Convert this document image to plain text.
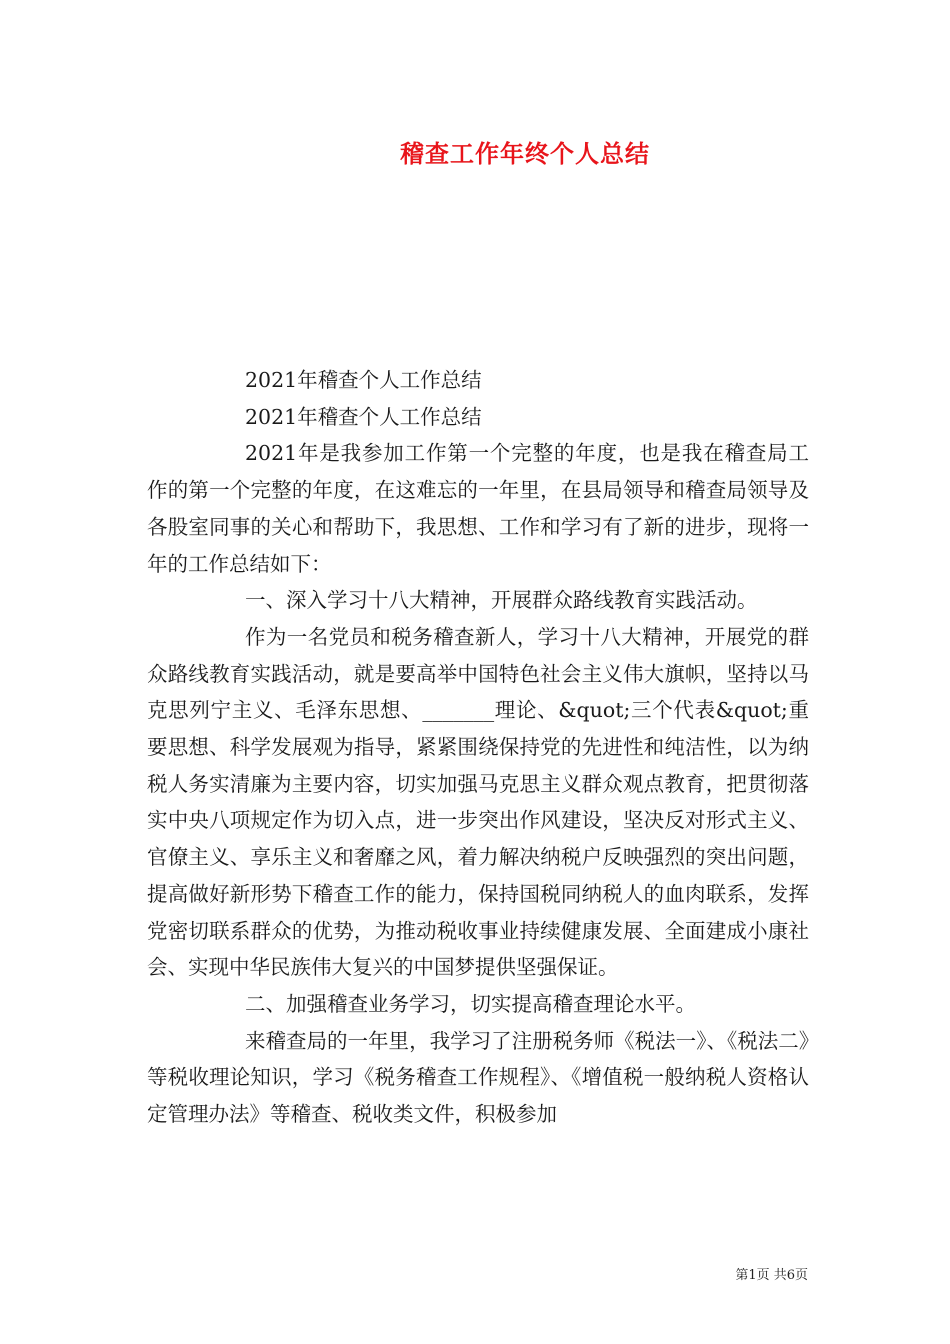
稽查工作年终个人总结

2021年稽查个人工作总结

2021年稽查个人工作总结

2021年是我参加工作第一个完整的年度，也是我在稽查局工作的第一个完整的年度，在这难忘的一年里，在县局领导和稽查局领导及各股室同事的关心和帮助下，我思想、工作和学习有了新的进步，现将一年的工作总结如下：

一、深入学习十八大精神，开展群众路线教育实践活动。

作为一名党员和税务稽查新人，学习十八大精神，开展党的群众路线教育实践活动，就是要高举中国特色社会主义伟大旗帜，坚持以马克思列宁主义、毛泽东思想、_______理论、&quot;三个代表&quot;重要思想、科学发展观为指导，紧紧围绕保持党的先进性和纯洁性，以为纳税人务实清廉为主要内容，切实加强马克思主义群众观点教育，把贯彻落实中央八项规定作为切入点，进一步突出作风建设，坚决反对形式主义、官僚主义、享乐主义和奢靡之风，着力解决纳税户反映强烈的突出问题，提高做好新形势下稽查工作的能力，保持国税同纳税人的血肉联系，发挥党密切联系群众的优势，为推动税收事业持续健康发展、全面建成小康社会、实现中华民族伟大复兴的中国梦提供坚强保证。

二、加强稽查业务学习，切实提高稽查理论水平。

来稽查局的一年里，我学习了注册税务师《税法一》、《税法二》等税收理论知识，学习《税务稽查工作规程》、《增值税一般纳税人资格认定管理办法》等稽查、税收类文件，积极参加

第1页 共6页
